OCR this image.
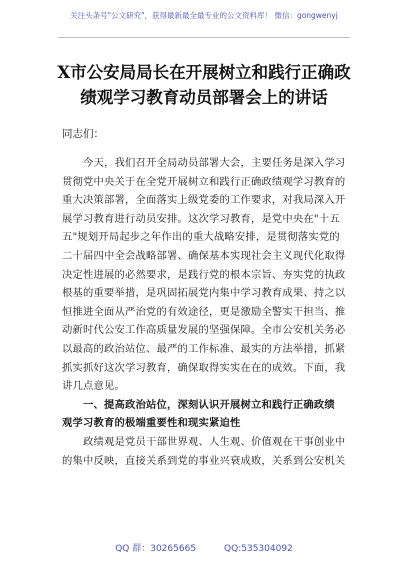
关注头条号"公文研究"，获得最新最全最专业的公文资料库！ 微信：gongwenyj
X市公安局局长在开展树立和践行正确政
绩观学习教育动员部署会上的讲话
同志们：
今天，我们召开全局动员部署大会，主要任务是深入学习
贯彻党中央关于在全党开展树立和践行正确政绩观学习教育的
重大决策部署，全面落实上级党委的工作要求，对我局深入开
展学习教育进行动员安排。这次学习教育，是党中央在"十五
五"规划开局起步之年作出的重大战略安排，是贯彻落实党的
二十届四中全会战略部署、确保基本实现社会主义现代化取得
决定性进展的必然要求，是践行党的根本宗旨、夯实党的执政
根基的重要举措，是巩固拓展党内集中学习教育成果、持之以
恒推进全面从严治党的有效途径，更是激励全警实干担当、推
动新时代公安工作高质量发展的坚强保障。全市公安机关务必
以最高的政治站位、最严的工作标准、最实的方法举措，抓紧
抓实抓好这次学习教育，确保取得实实在在的成效。下面，我
讲几点意见。
一、提高政治站位，深刻认识开展树立和践行正确政绩
观学习教育的极端重要性和现实紧迫性
政绩观是党员干部世界观、人生观、价值观在干事创业中
的集中反映，直接关系到党的事业兴衰成败，关系到公安机关
QQ 群：30265665	QQ:535304092
